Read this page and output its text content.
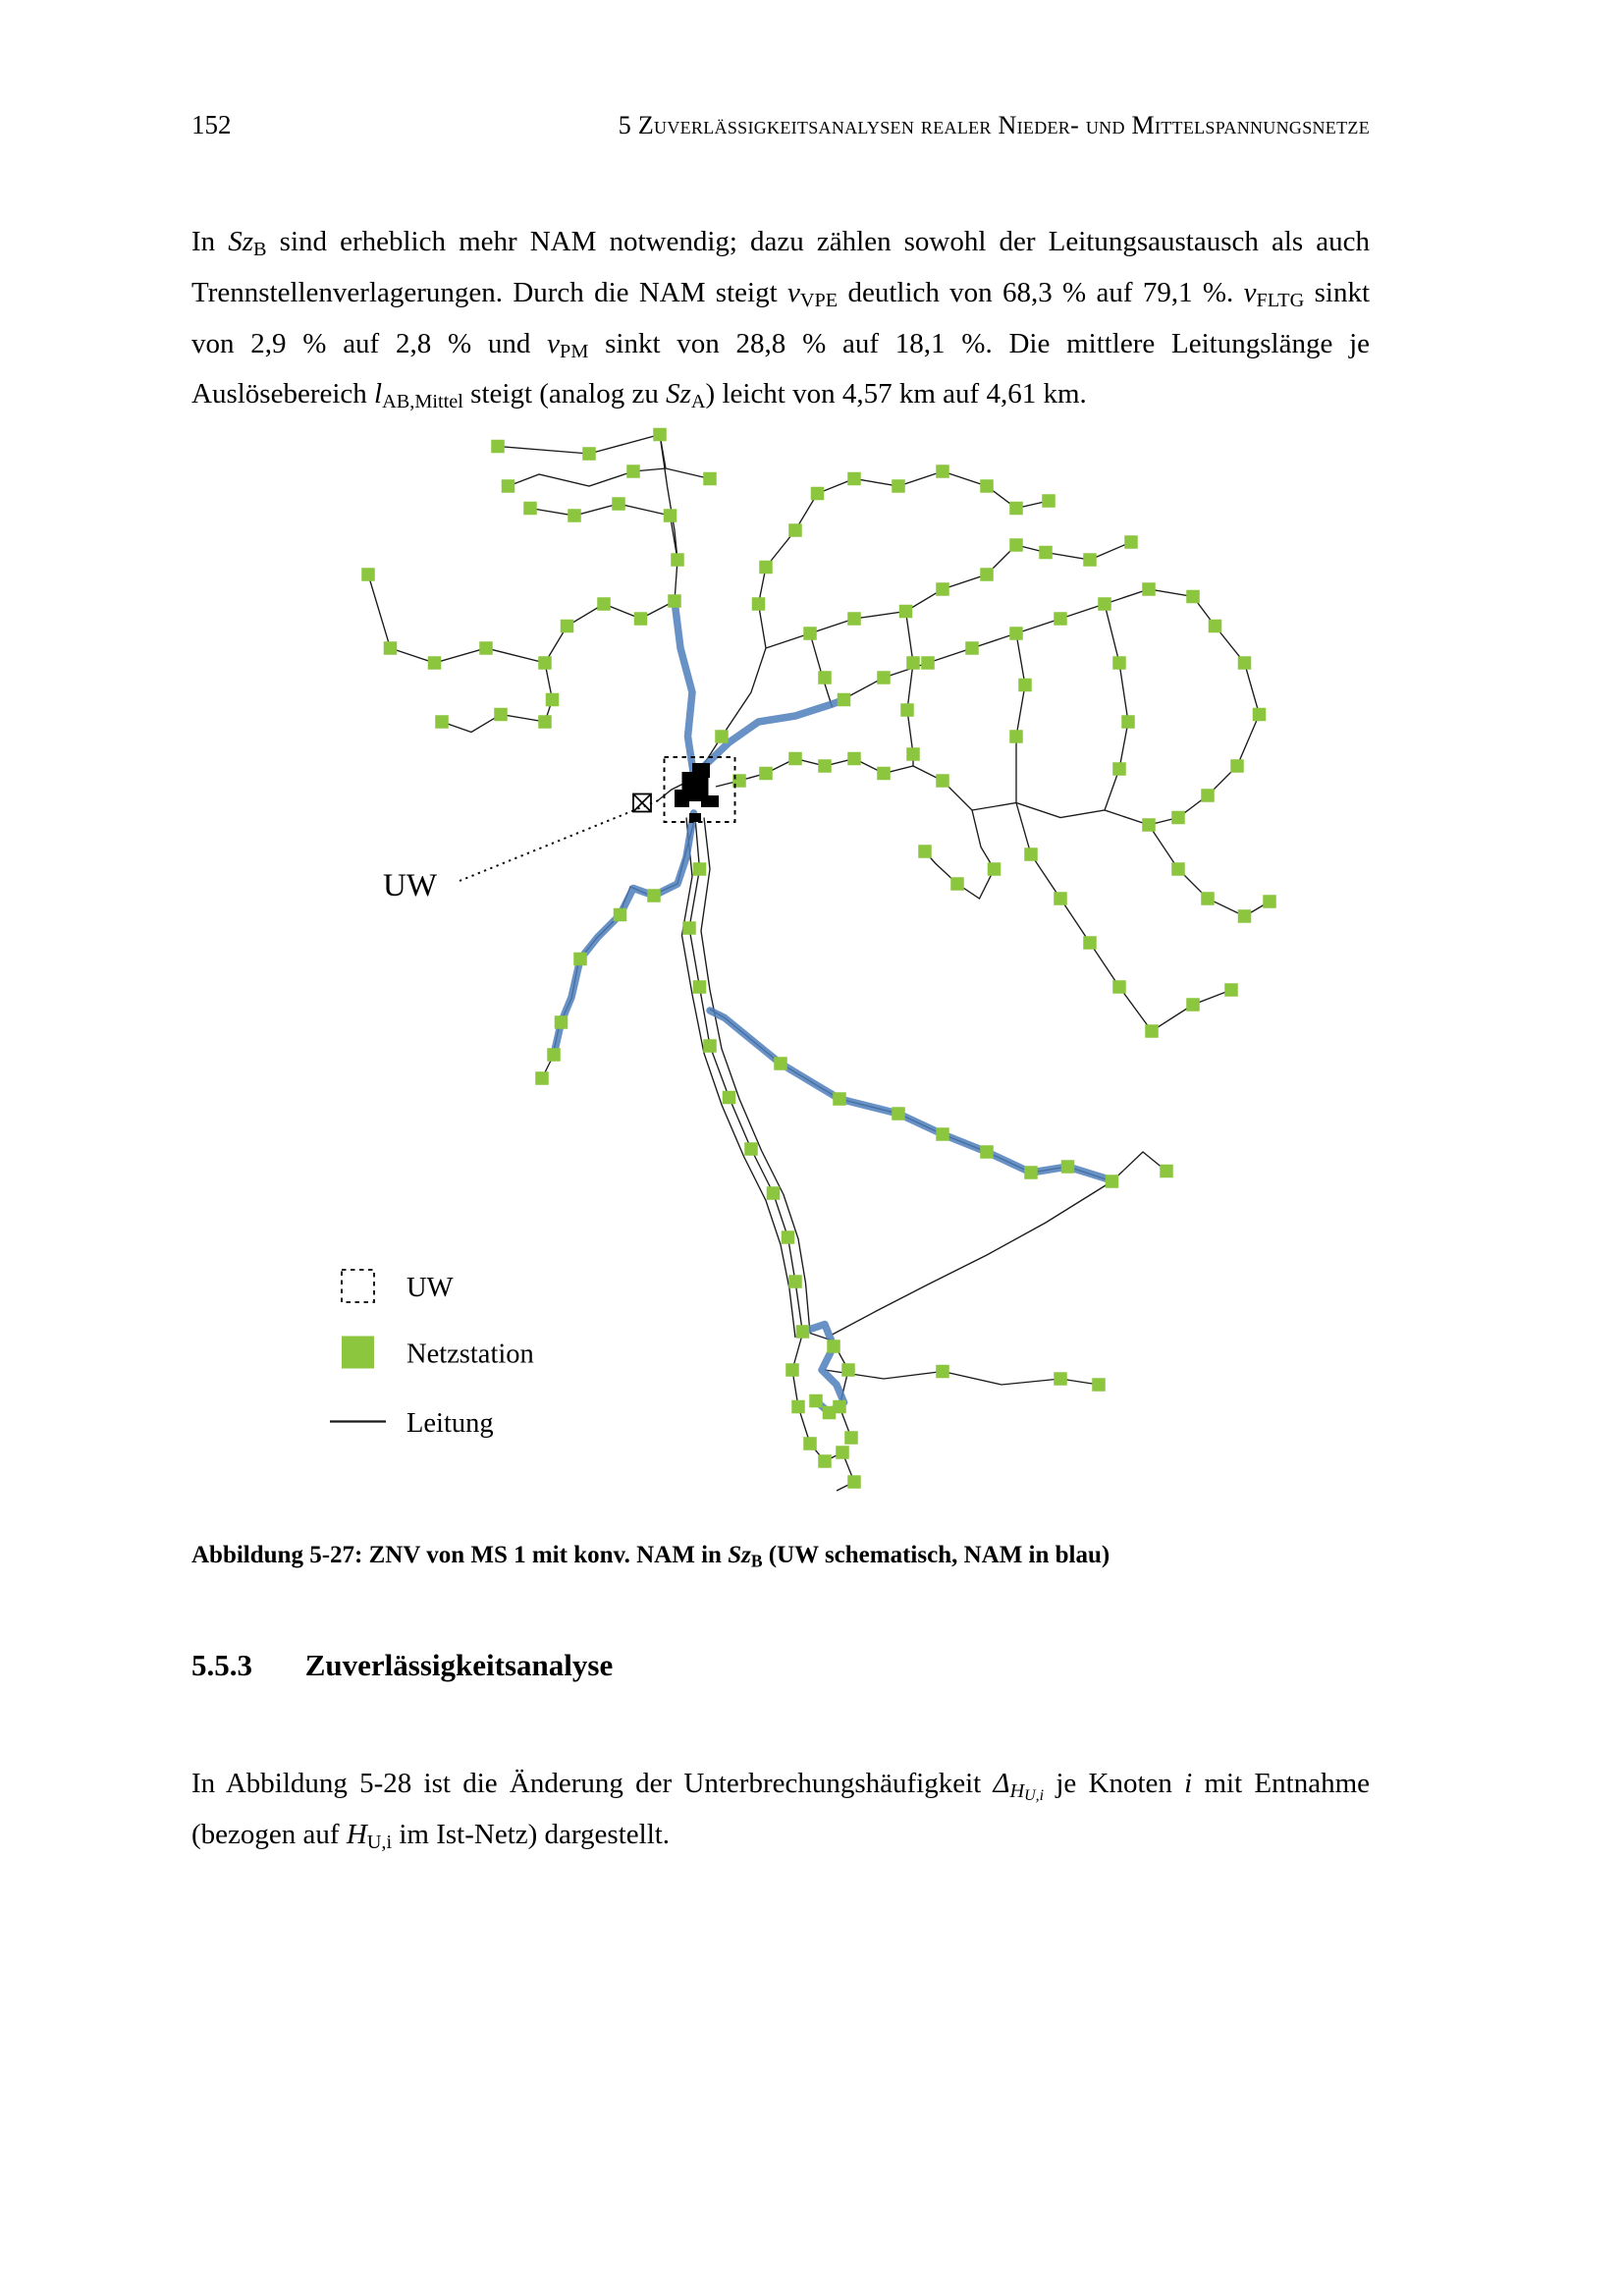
152	5 Zuverlässigkeitsanalysen realer Nieder- und Mittelspannungsnetze

In SzB sind erheblich mehr NAM notwendig; dazu zählen sowohl der Leitungsaustausch als auch Trennstellenverlagerungen. Durch die NAM steigt vVPE deutlich von 68,3 % auf 79,1 %. vFLTG sinkt von 2,9 % auf 2,8 % und vPM sinkt von 28,8 % auf 18,1 %. Die mittlere Leitungslänge je Auslösebereich lAB,Mittel steigt (analog zu SzA) leicht von 4,57 km auf 4,61 km.

UW
UW
Netzstation
Leitung

Abbildung 5-27: ZNV von MS 1 mit konv. NAM in SzB (UW schematisch, NAM in blau)

5.5.3 Zuverlässigkeitsanalyse

In Abbildung 5-28 ist die Änderung der Unterbrechungshäufigkeit $\Delta H_{U,i}$ je Knoten i mit Entnahme (bezogen auf HU,i im Ist-Netz) dargestellt.
